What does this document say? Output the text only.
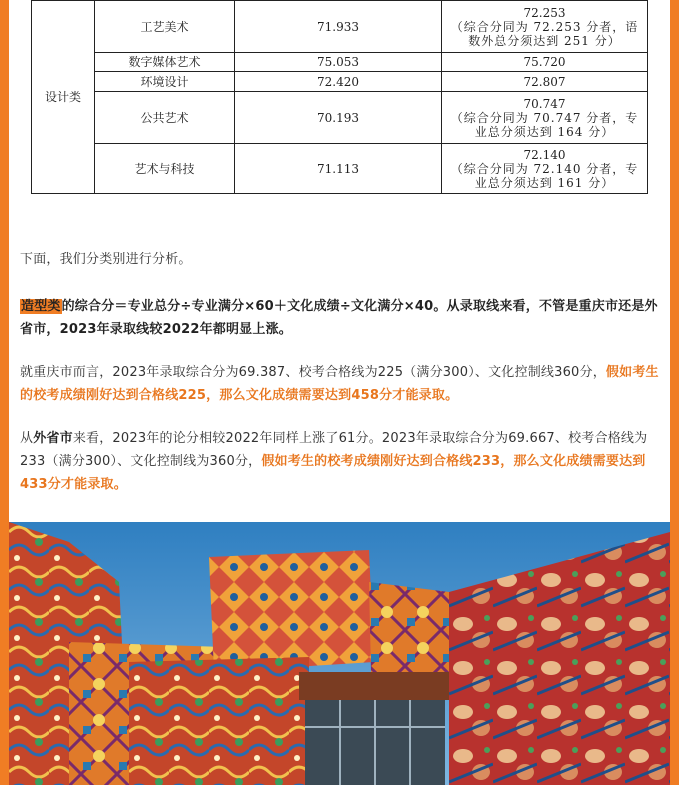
设计类	工艺美术	71.933	72.253
（综合分同为 72.253 分者，语
数外总分须达到 251 分）

	数字媒体艺术	75.053	75.720
	环境设计	72.420	72.807
	公共艺术	70.193	70.747
（综合分同为 70.747 分者，专
业总分须达到 164 分）

	艺术与科技	71.113	72.140
（综合分同为 72.140 分者，专
业总分须达到 161 分）
下面，我们分类别进行分析。
造型类的综合分＝专业总分÷专业满分×60＋文化成绩÷文化满分×40。从录取线来看，不管是重庆市还是外省市，2023年录取线较2022年都明显上涨。
就重庆市而言，2023年录取综合分为69.387、校考合格线为225（满分300）、文化控制线360分，假如考生的校考成绩刚好达到合格线225，那么文化成绩需要达到458分才能录取。
从外省市来看，2023年的论分相较2022年同样上涨了61分。2023年录取综合分为69.667、校考合格线为233（满分300）、文化控制线为360分，假如考生的校考成绩刚好达到合格线233，那么文化成绩需要达到433分才能录取。
